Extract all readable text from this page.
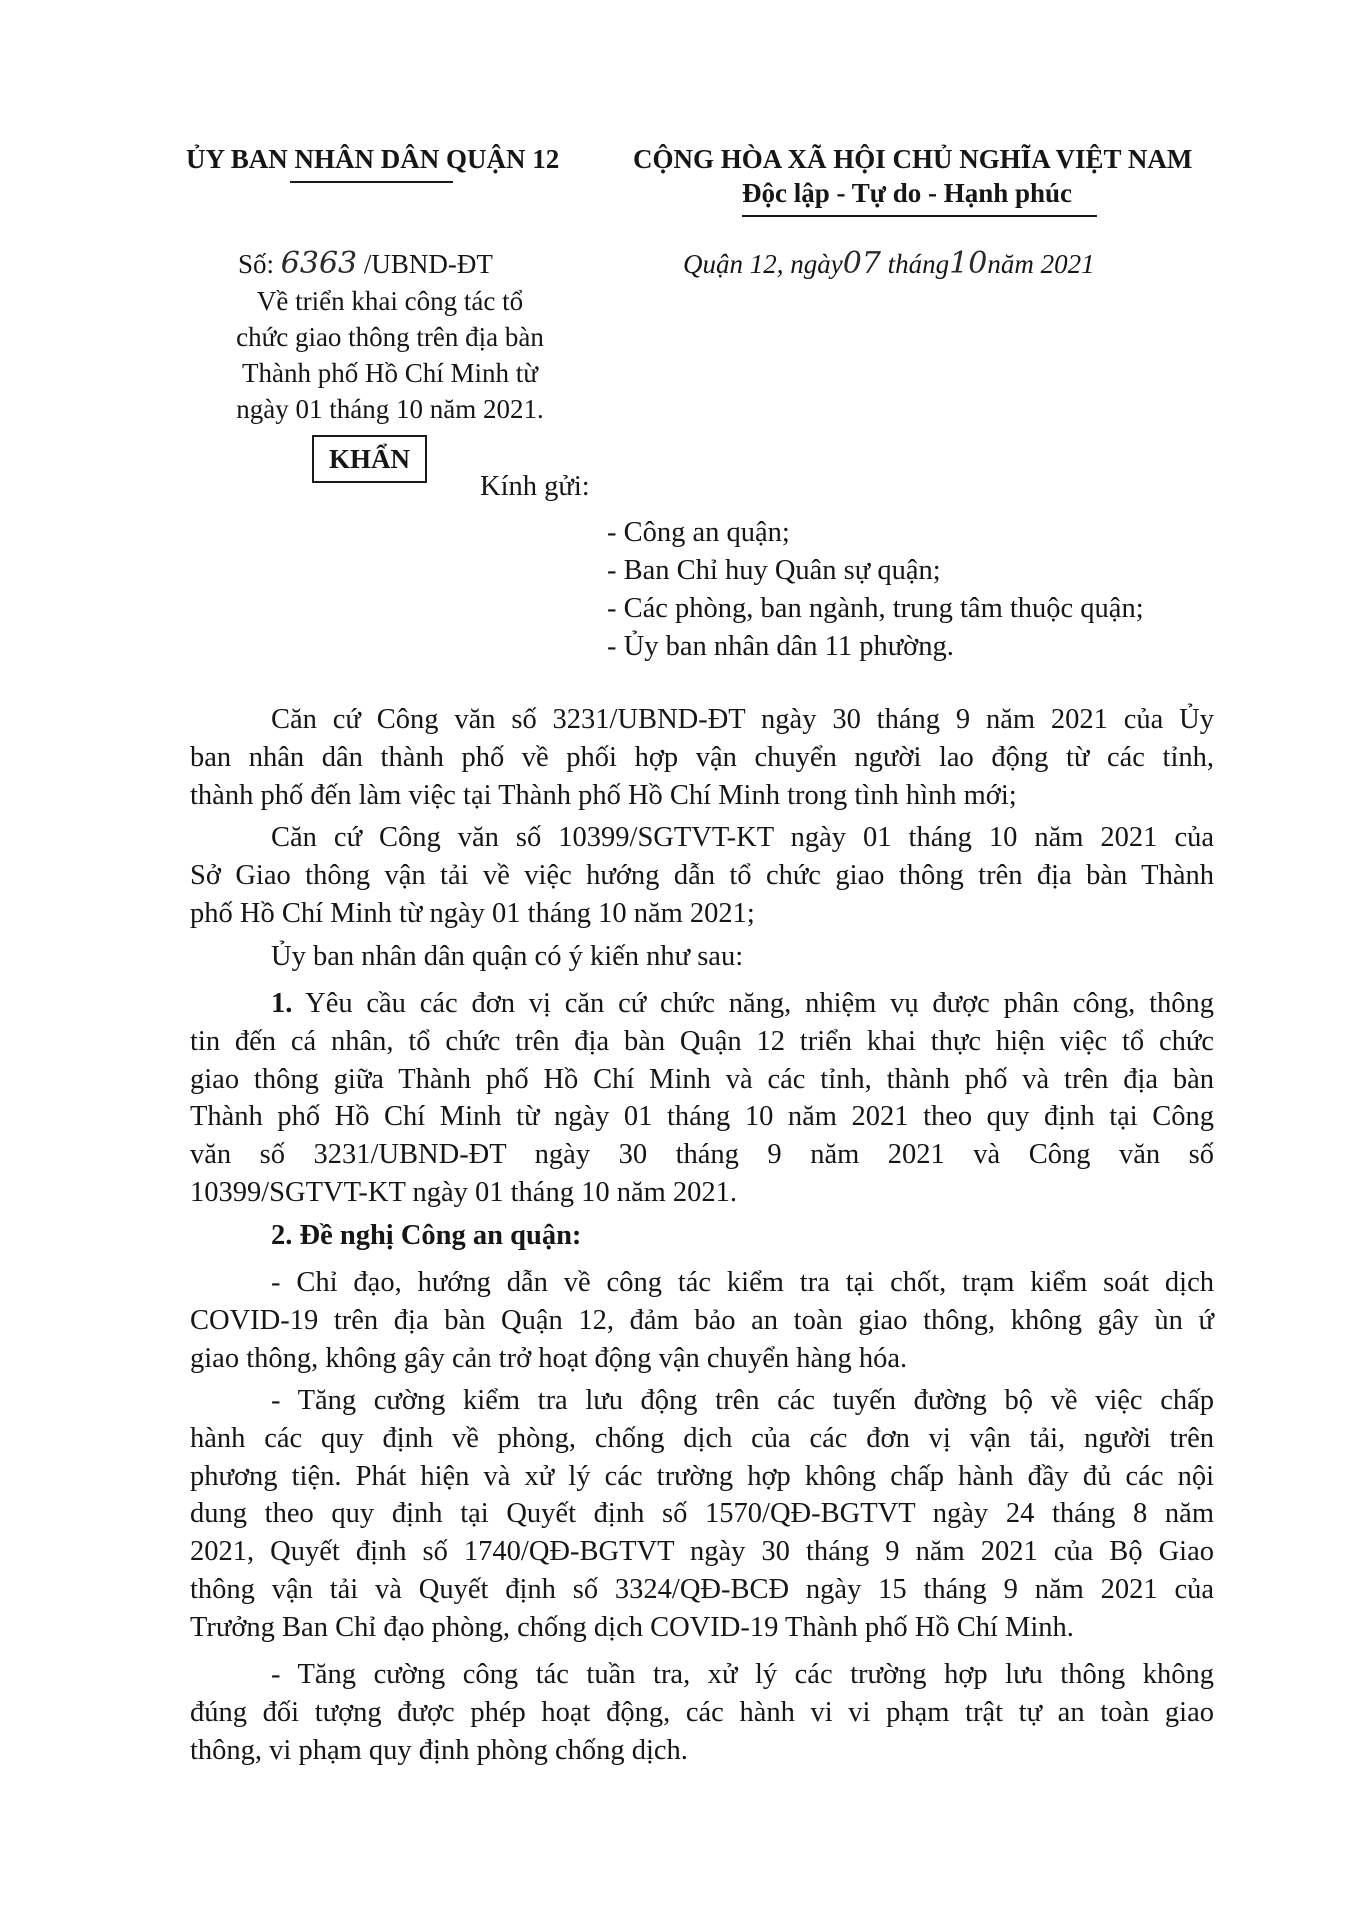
ỦY BAN NHÂN DÂN QUẬN 12	CỘNG HÒA XÃ HỘI CHỦ NGHĨA VIỆT NAM
Độc lập - Tự do - Hạnh phúc
Số: 6363 /UBND-ĐT	Quận 12, ngày07 tháng10năm 2021
Về triển khai công tác tổ
chức giao thông trên địa bàn
Thành phố Hồ Chí Minh từ
ngày 01 tháng 10 năm 2021.
KHẨN
Kính gửi:
- Công an quận;
- Ban Chỉ huy Quân sự quận;
- Các phòng, ban ngành, trung tâm thuộc quận;
- Ủy ban nhân dân 11 phường.
Căn cứ Công văn số 3231/UBND-ĐT ngày 30 tháng 9 năm 2021 của Ủy
ban nhân dân thành phố về phối hợp vận chuyển người lao động từ các tỉnh,
thành phố đến làm việc tại Thành phố Hồ Chí Minh trong tình hình mới;
Căn cứ Công văn số 10399/SGTVT-KT ngày 01 tháng 10 năm 2021 của
Sở Giao thông vận tải về việc hướng dẫn tổ chức giao thông trên địa bàn Thành
phố Hồ Chí Minh từ ngày 01 tháng 10 năm 2021;
Ủy ban nhân dân quận có ý kiến như sau:
1. Yêu cầu các đơn vị căn cứ chức năng, nhiệm vụ được phân công, thông
tin đến cá nhân, tổ chức trên địa bàn Quận 12 triển khai thực hiện việc tổ chức
giao thông giữa Thành phố Hồ Chí Minh và các tỉnh, thành phố và trên địa bàn
Thành phố Hồ Chí Minh từ ngày 01 tháng 10 năm 2021 theo quy định tại Công
văn số 3231/UBND-ĐT ngày 30 tháng 9 năm 2021 và Công văn số
10399/SGTVT-KT ngày 01 tháng 10 năm 2021.
2. Đề nghị Công an quận:
- Chỉ đạo, hướng dẫn về công tác kiểm tra tại chốt, trạm kiểm soát dịch
COVID-19 trên địa bàn Quận 12, đảm bảo an toàn giao thông, không gây ùn ứ
giao thông, không gây cản trở hoạt động vận chuyển hàng hóa.
- Tăng cường kiểm tra lưu động trên các tuyến đường bộ về việc chấp
hành các quy định về phòng, chống dịch của các đơn vị vận tải, người trên
phương tiện. Phát hiện và xử lý các trường hợp không chấp hành đầy đủ các nội
dung theo quy định tại Quyết định số 1570/QĐ-BGTVT ngày 24 tháng 8 năm
2021, Quyết định số 1740/QĐ-BGTVT ngày 30 tháng 9 năm 2021 của Bộ Giao
thông vận tải và Quyết định số 3324/QĐ-BCĐ ngày 15 tháng 9 năm 2021 của
Trưởng Ban Chỉ đạo phòng, chống dịch COVID-19 Thành phố Hồ Chí Minh.
- Tăng cường công tác tuần tra, xử lý các trường hợp lưu thông không
đúng đối tượng được phép hoạt động, các hành vi vi phạm trật tự an toàn giao
thông, vi phạm quy định phòng chống dịch.
